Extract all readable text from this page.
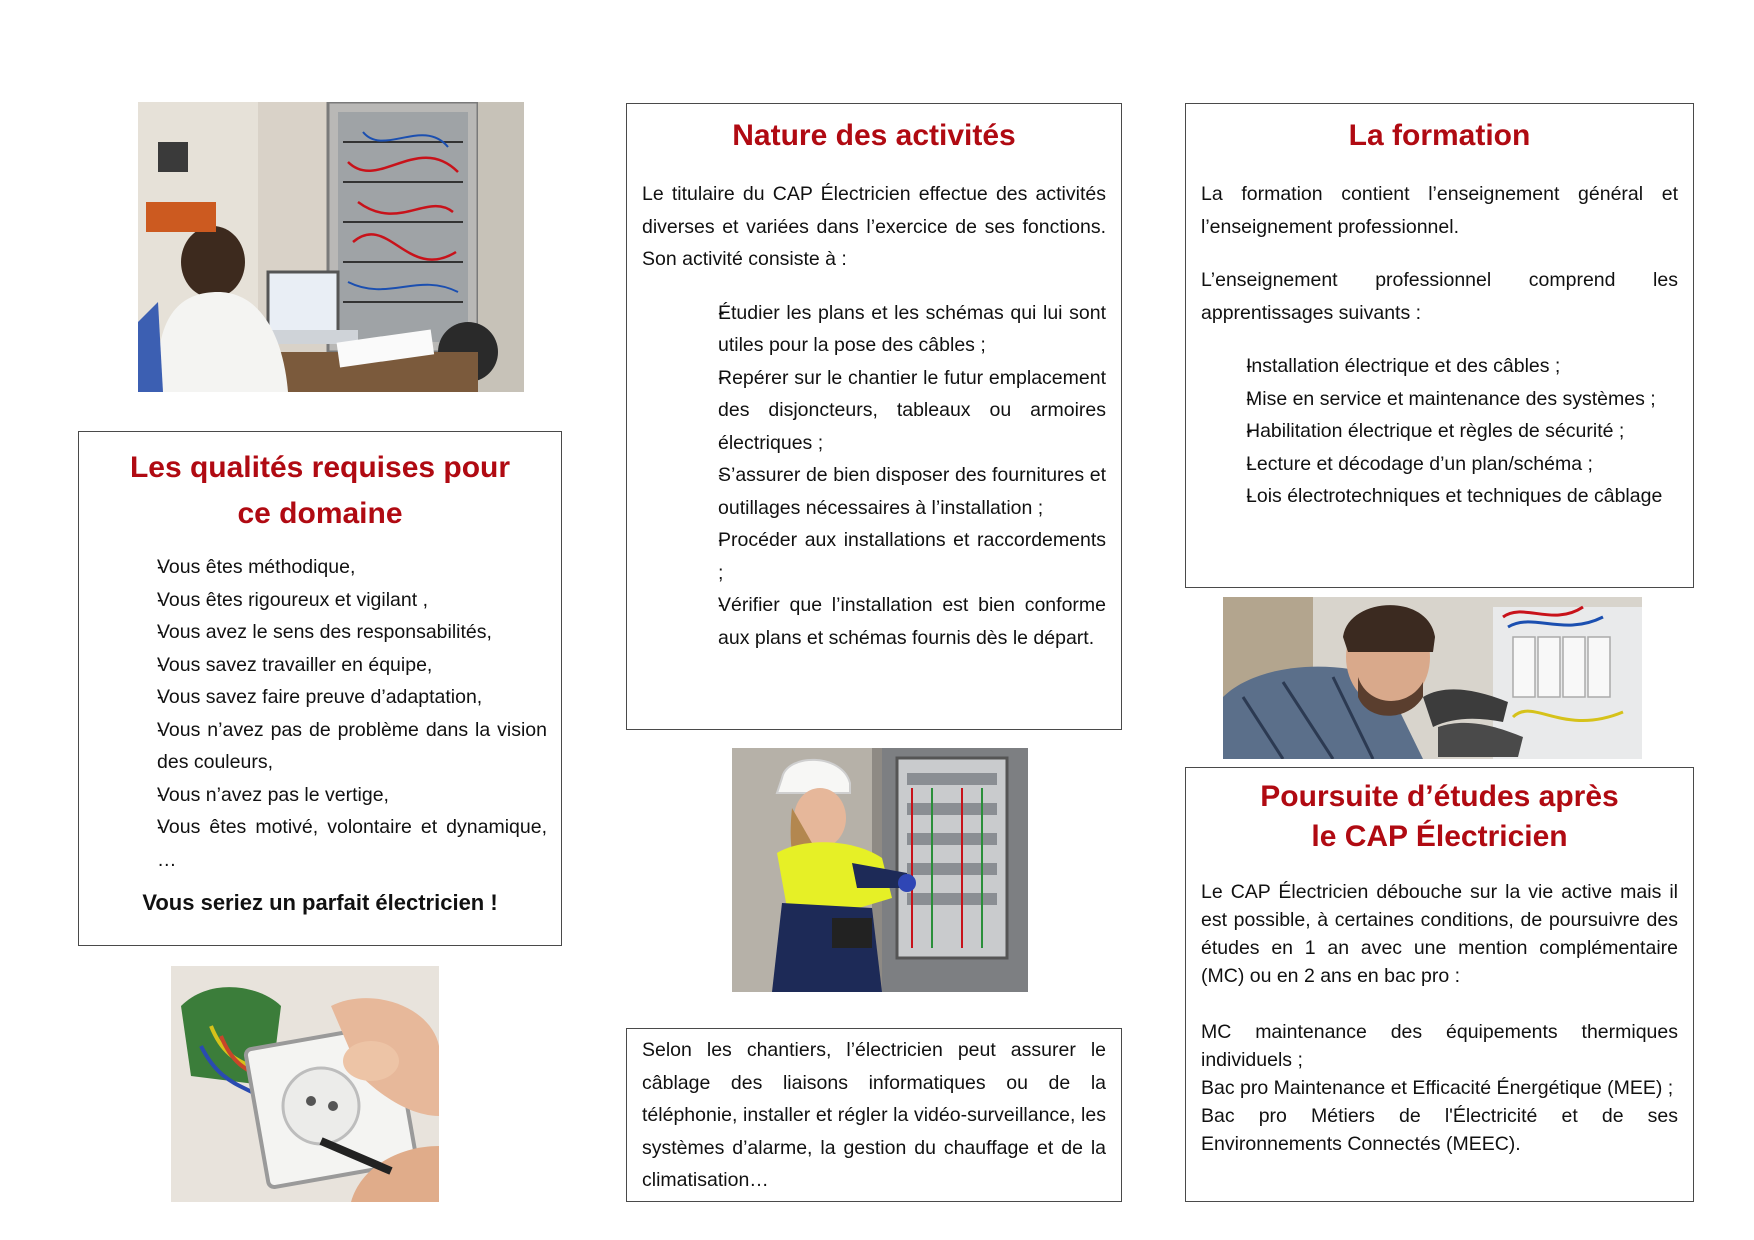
Les qualités requises pour ce domaine
- Vous êtes méthodique,
- Vous êtes rigoureux et vigilant ,
- Vous avez le sens des responsabilités,
- Vous savez travailler en équipe,
- Vous savez faire preuve d’adaptation,
- Vous n’avez pas de problème dans la vision des couleurs,
- Vous n’avez pas le vertige,
- Vous êtes motivé, volontaire et dynamique, …
Vous seriez un parfait électricien !
Nature des activités

Le titulaire du CAP Électricien effectue des activités diverses et variées dans l’exercice de ses fonctions. Son activité consiste à :

- Étudier les plans et les schémas qui lui sont utiles pour la pose des câbles ;
- Repérer sur le chantier le futur emplacement des disjoncteurs, tableaux ou armoires électriques ;
- S’assurer de bien disposer des fournitures et outillages nécessaires à l’installation ;
- Procéder aux installations et raccordements ;
- Vérifier que l’installation est bien conforme aux plans et schémas fournis dès le départ.
Selon les chantiers, l’électricien peut assurer le câblage des liaisons informatiques ou de la téléphonie, installer et régler la vidéo-surveillance, les systèmes d’alarme, la gestion du chauffage et de la climatisation…
La formation

La formation contient l’enseignement général et l’enseignement professionnel.

L’enseignement professionnel comprend les apprentissages suivants :

- Installation électrique et des câbles ;
- Mise en service et maintenance des systèmes ;
- Habilitation électrique et règles de sécurité ;
- Lecture et décodage d’un plan/schéma ;
- Lois électrotechniques et techniques de câblage
Poursuite d’études après
le CAP Électricien

Le CAP Électricien débouche sur la vie active mais il est possible, à certaines conditions, de poursuivre des études en 1 an avec une mention complémentaire (MC) ou en 2 ans en bac pro :

MC maintenance des équipements thermiques individuels ;

Bac pro Maintenance et Efficacité Énergétique (MEE) ;

Bac pro Métiers de l'Électricité et de ses Environnements Connectés (MEEC).
